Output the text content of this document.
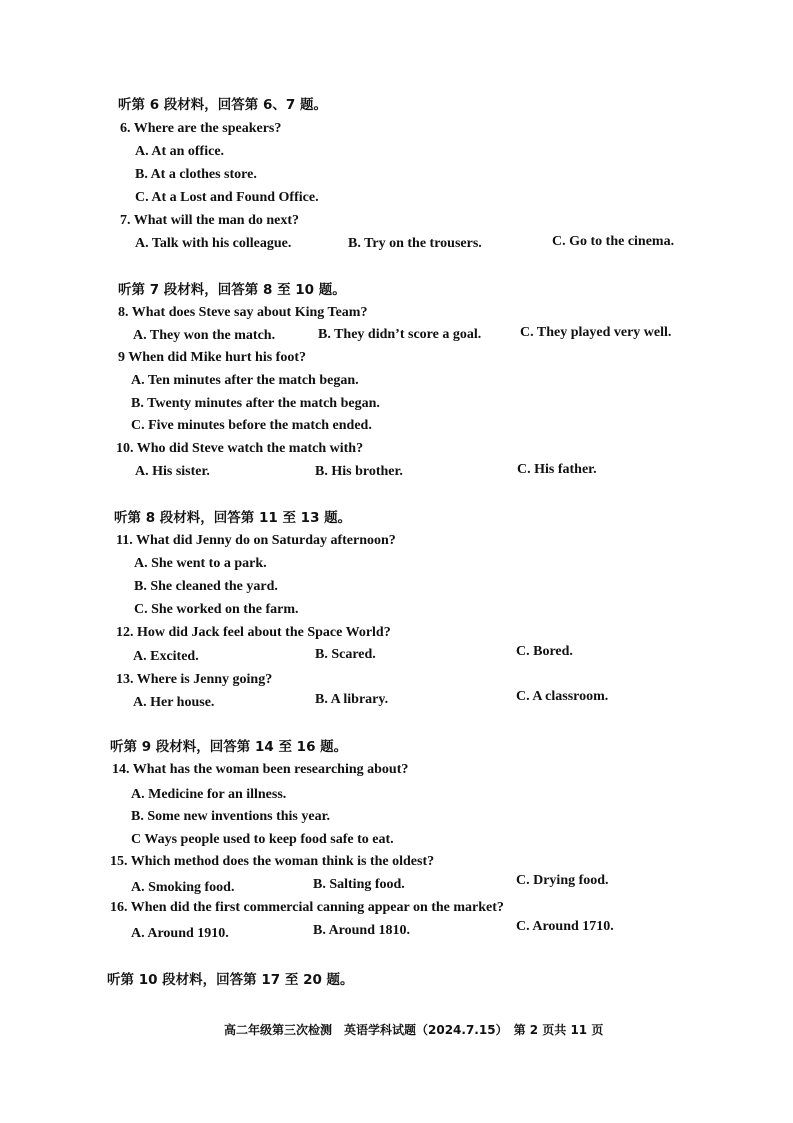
听第 6 段材料，回答第 6、7 题。
6. Where are the speakers?
A. At an office.
B. At a clothes store.
C. At a Lost and Found Office.
7. What will the man do next?
A. Talk with his colleague.	B. Try on the trousers.	C. Go to the cinema.
听第 7 段材料，回答第 8 至 10 题。
8. What does Steve say about King Team?
A. They won the match.	B. They didn’t score a goal.	C. They played very well.
9 When did Mike hurt his foot?
A. Ten minutes after the match began.
B. Twenty minutes after the match began.
C. Five minutes before the match ended.
10. Who did Steve watch the match with?
A. His sister.	B. His brother.	C. His father.
听第 8 段材料，回答第 11 至 13 题。
11. What did Jenny do on Saturday afternoon?
A. She went to a park.
B. She cleaned the yard.
C. She worked on the farm.
12. How did Jack feel about the Space World?
A. Excited.	B. Scared.	C. Bored.
13. Where is Jenny going?
A. Her house.	B. A library.	C. A classroom.
听第 9 段材料，回答第 14 至 16 题。
14. What has the woman been researching about?
A. Medicine for an illness.
B. Some new inventions this year.
C Ways people used to keep food safe to eat.
15. Which method does the woman think is the oldest?
A. Smoking food.	B. Salting food.	C. Drying food.
16. When did the first commercial canning appear on the market?
A. Around 1910.	B. Around 1810.	C. Around 1710.
听第 10 段材料，回答第 17 至 20 题。
高二年级第三次检测　英语学科试题（2024.7.15）　第 2 页共 11 页
